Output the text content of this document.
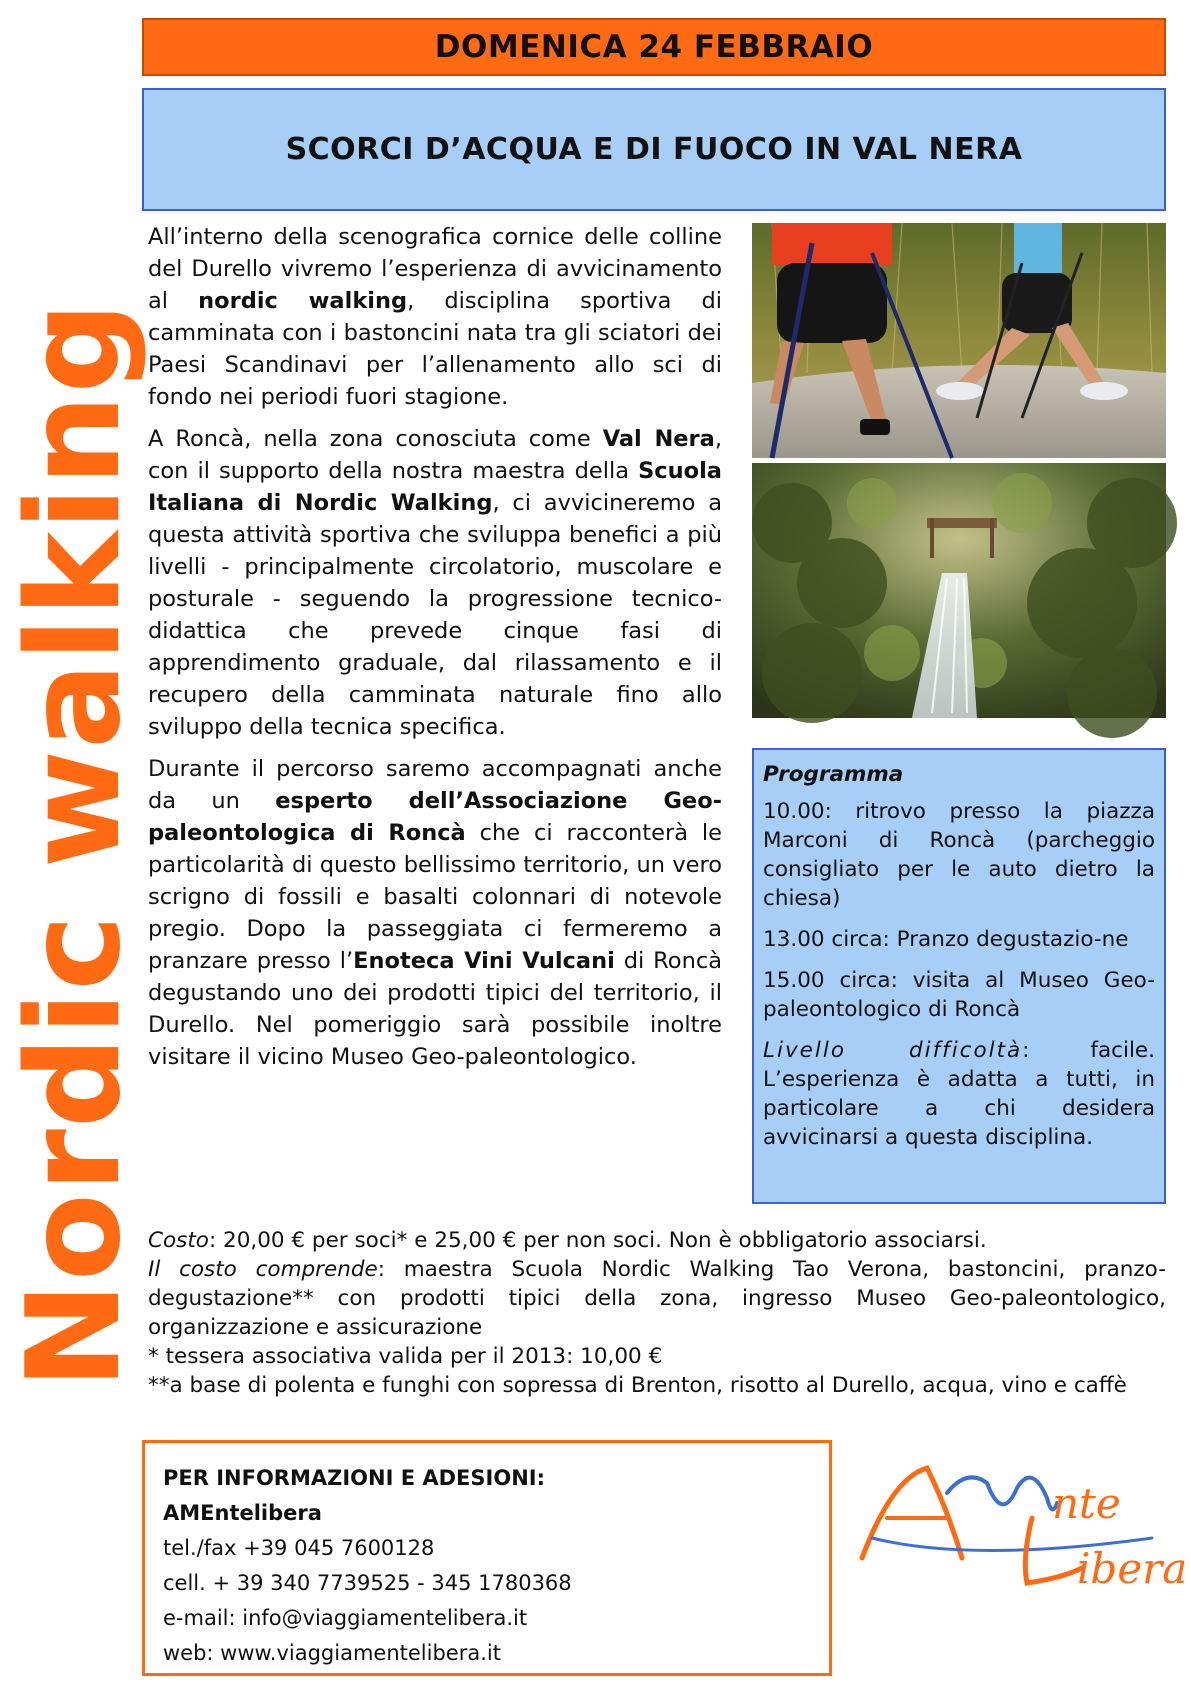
Nordic walking
DOMENICA 24 FEBBRAIO
SCORCI D’ACQUA E DI FUOCO IN VAL NERA

All’interno della scenografica cornice delle colline del Durello vivremo l’esperienza di avvicinamento al nordic walking, disciplina sportiva di camminata con i bastoncini nata tra gli sciatori dei Paesi Scandinavi per l’allenamento allo sci di fondo nei periodi fuori stagione.

A Roncà, nella zona conosciuta come Val Nera, con il supporto della nostra maestra della Scuola Italiana di Nordic Walking, ci avvicineremo a questa attività sportiva che sviluppa benefici a più livelli - principalmente circolatorio, muscolare e posturale - seguendo la progressione tecnico-didattica che prevede cinque fasi di apprendimento graduale, dal rilassamento e il recupero della camminata naturale fino allo sviluppo della tecnica specifica.

Durante il percorso saremo accompagnati anche da un esperto dell’Associazione Geo-paleontologica di Roncà che ci racconterà le particolarità di questo bellissimo territorio, un vero scrigno di fossili e basalti colonnari di notevole pregio. Dopo la passeggiata ci fermeremo a pranzare presso l’Enoteca Vini Vulcani di Roncà degustando uno dei prodotti tipici del territorio, il Durello. Nel pomeriggio sarà possibile inoltre visitare il vicino Museo Geo-paleontologico.

Programma

10.00: ritrovo presso la piazza Marconi di Roncà (parcheggio consigliato per le auto dietro la chiesa)

13.00 circa: Pranzo degustazio-ne

15.00 circa: visita al Museo Geo-paleontologico di Roncà

Livello difficoltà: facile. L’esperienza è adatta a tutti, in particolare a chi desidera avvicinarsi a questa disciplina.

Costo: 20,00 € per soci* e 25,00 € per non soci. Non è obbligatorio associarsi.

Il costo comprende: maestra Scuola Nordic Walking Tao Verona, bastoncini, pranzo-degustazione** con prodotti tipici della zona, ingresso Museo Geo-paleontologico, organizzazione e assicurazione

* tessera associativa valida per il 2013: 10,00 €

**a base di polenta e funghi con sopressa di Brenton, risotto al Durello, acqua, vino e caffè

PER INFORMAZIONI E ADESIONI:
AMEntelibera
tel./fax +39 045 7600128
cell. + 39 340 7739525 - 345 1780368
e-mail: info@viaggiamentelibera.it
web: www.viaggiamentelibera.it
nte
ibera
